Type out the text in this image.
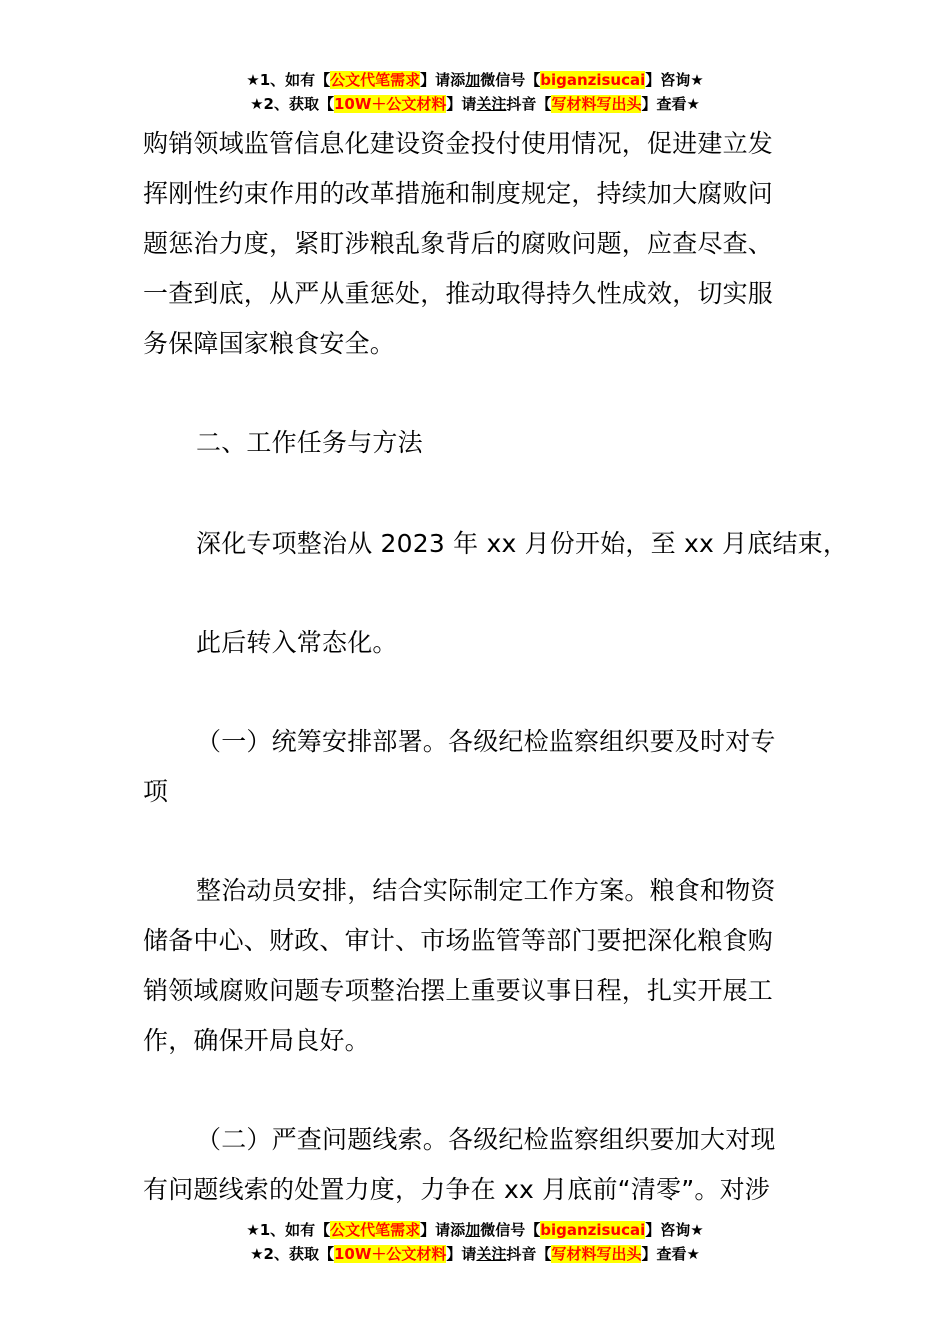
★1、如有【公文代笔需求】请添加微信号【biganzisucai】咨询★
★2、获取【10W＋公文材料】请关注抖音【写材料写出头】查看★
购销领域监管信息化建设资金投付使用情况，促进建立发
挥刚性约束作用的改革措施和制度规定，持续加大腐败问
题惩治力度，紧盯涉粮乱象背后的腐败问题，应查尽查、
一查到底，从严从重惩处，推动取得持久性成效，切实服
务保障国家粮食安全。
二、工作任务与方法
深化专项整治从 2023 年 xx 月份开始，至 xx 月底结束，
此后转入常态化。
（一）统筹安排部署。各级纪检监察组织要及时对专
项
整治动员安排，结合实际制定工作方案。粮食和物资
储备中心、财政、审计、市场监管等部门要把深化粮食购
销领域腐败问题专项整治摆上重要议事日程，扎实开展工
作，确保开局良好。
（二）严查问题线索。各级纪检监察组织要加大对现
有问题线索的处置力度，力争在 xx 月底前“清零”。对涉
★1、如有【公文代笔需求】请添加微信号【biganzisucai】咨询★
★2、获取【10W＋公文材料】请关注抖音【写材料写出头】查看★
